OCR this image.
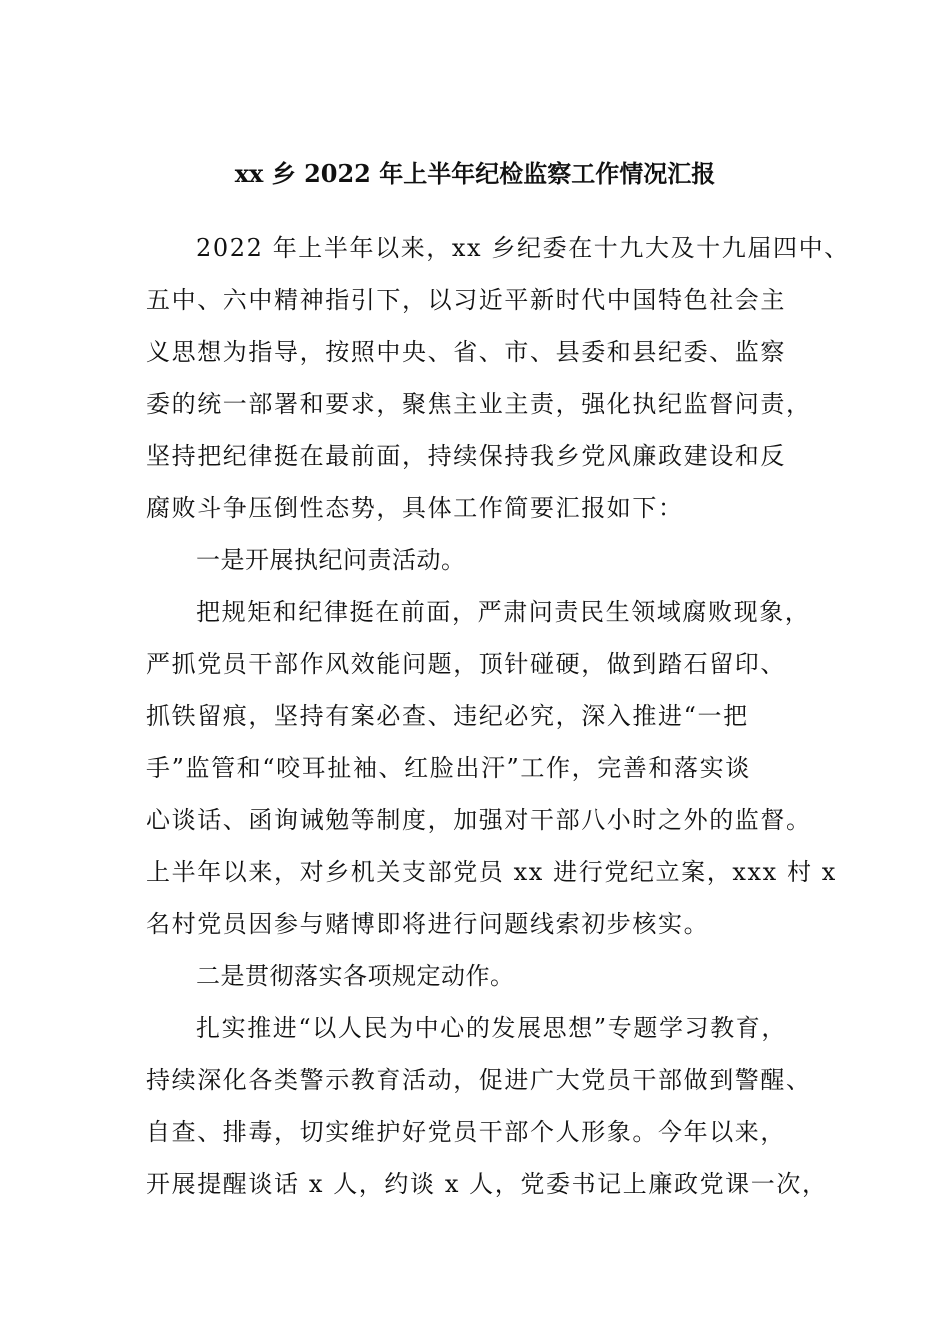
xx 乡 2022 年上半年纪检监察工作情况汇报

2022 年上半年以来，xx 乡纪委在十九大及十九届四中、

五中、六中精神指引下，以习近平新时代中国特色社会主

义思想为指导，按照中央、省、市、县委和县纪委、监察

委的统一部署和要求，聚焦主业主责，强化执纪监督问责，

坚持把纪律挺在最前面，持续保持我乡党风廉政建设和反

腐败斗争压倒性态势，具体工作简要汇报如下：

一是开展执纪问责活动。

把规矩和纪律挺在前面，严肃问责民生领域腐败现象，

严抓党员干部作风效能问题，顶针碰硬，做到踏石留印、

抓铁留痕，坚持有案必查、违纪必究，深入推进“一把

手”监管和“咬耳扯袖、红脸出汗”工作，完善和落实谈

心谈话、函询诫勉等制度，加强对干部八小时之外的监督。

上半年以来，对乡机关支部党员 xx 进行党纪立案，xxx 村 x

名村党员因参与赌博即将进行问题线索初步核实。

二是贯彻落实各项规定动作。

扎实推进“以人民为中心的发展思想”专题学习教育，

持续深化各类警示教育活动，促进广大党员干部做到警醒、

自查、排毒，切实维护好党员干部个人形象。今年以来，

开展提醒谈话 x 人，约谈 x 人，党委书记上廉政党课一次，
